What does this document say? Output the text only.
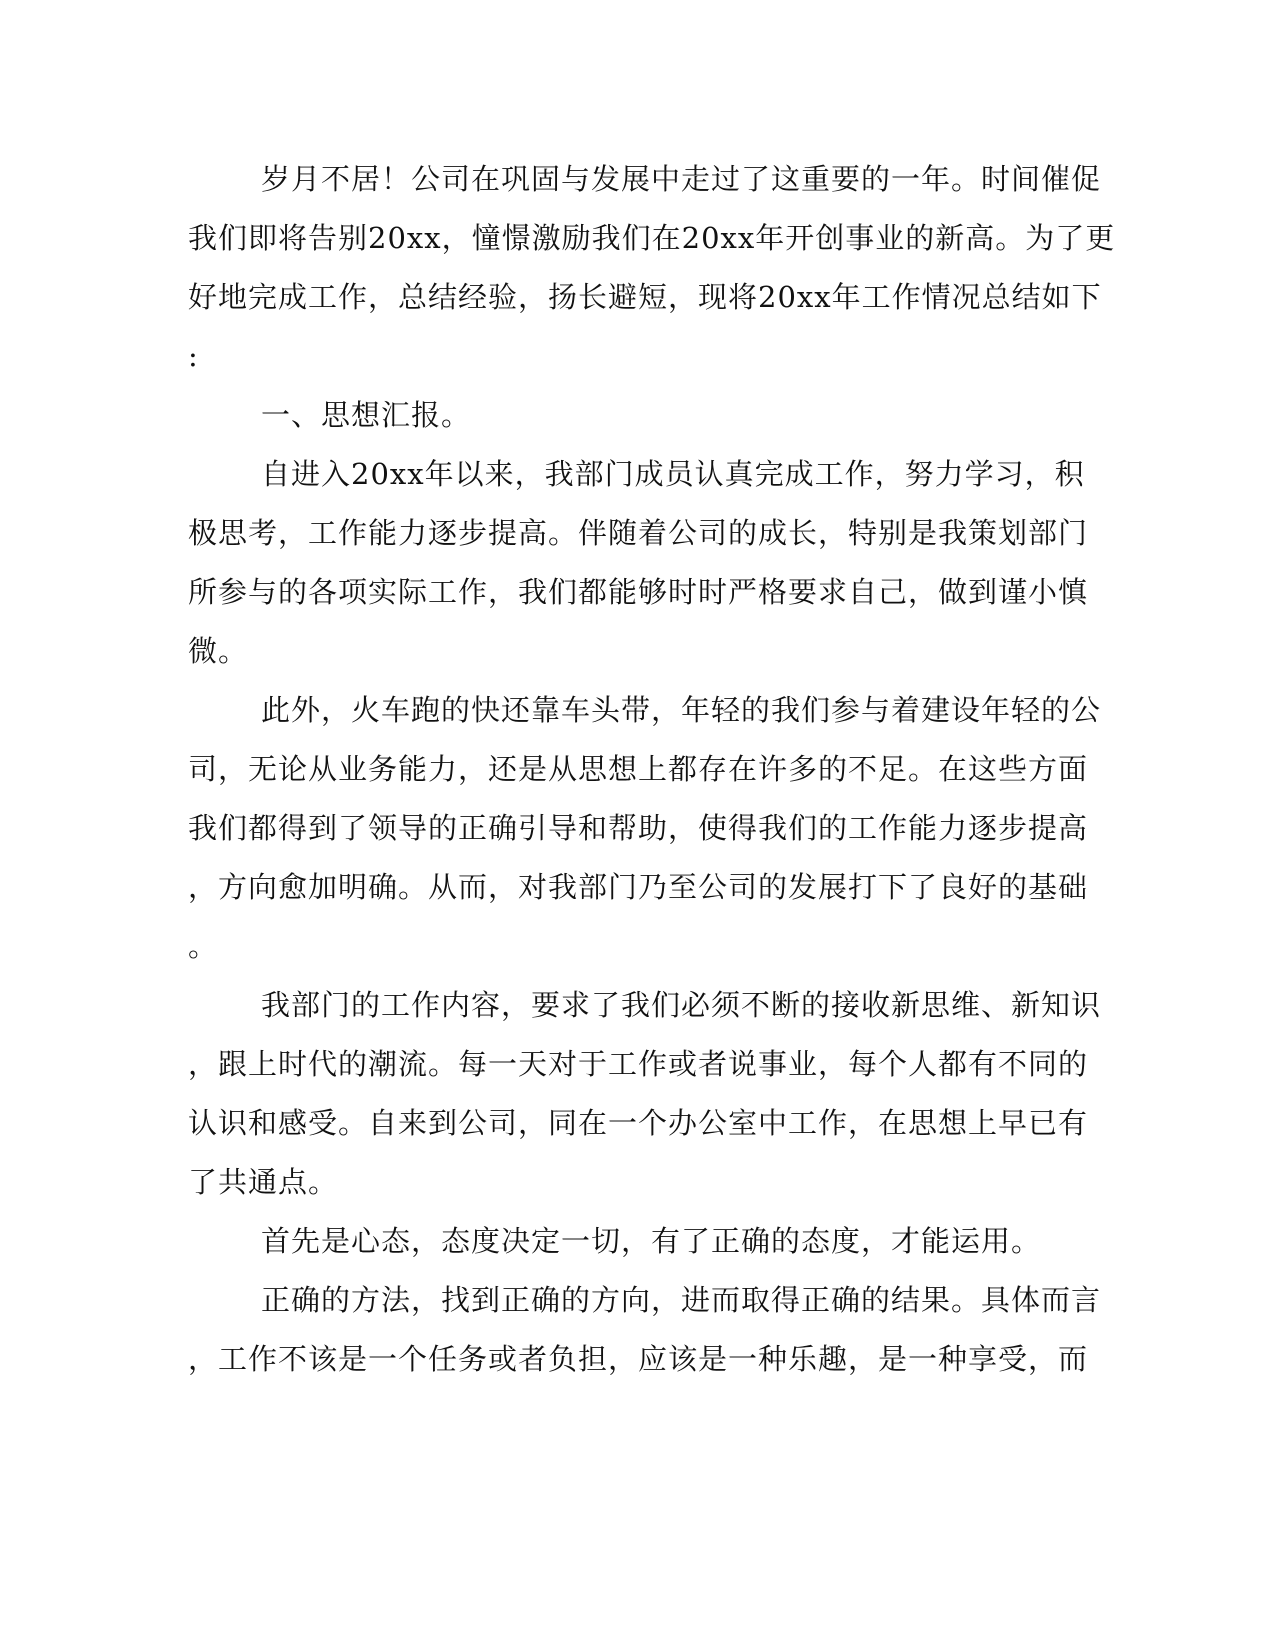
岁月不居！公司在巩固与发展中走过了这重要的一年。时间催促
我们即将告别20xx，憧憬激励我们在20xx年开创事业的新高。为了更
好地完成工作，总结经验，扬长避短，现将20xx年工作情况总结如下
:
一、思想汇报。
自进入20xx年以来，我部门成员认真完成工作，努力学习，积
极思考，工作能力逐步提高。伴随着公司的成长，特别是我策划部门
所参与的各项实际工作，我们都能够时时严格要求自己，做到谨小慎
微。
此外，火车跑的快还靠车头带，年轻的我们参与着建设年轻的公
司，无论从业务能力，还是从思想上都存在许多的不足。在这些方面
我们都得到了领导的正确引导和帮助，使得我们的工作能力逐步提高
，方向愈加明确。从而，对我部门乃至公司的发展打下了良好的基础
。
我部门的工作内容，要求了我们必须不断的接收新思维、新知识
，跟上时代的潮流。每一天对于工作或者说事业，每个人都有不同的
认识和感受。自来到公司，同在一个办公室中工作，在思想上早已有
了共通点。
首先是心态，态度决定一切，有了正确的态度，才能运用。
正确的方法，找到正确的方向，进而取得正确的结果。具体而言
，工作不该是一个任务或者负担，应该是一种乐趣，是一种享受，而
